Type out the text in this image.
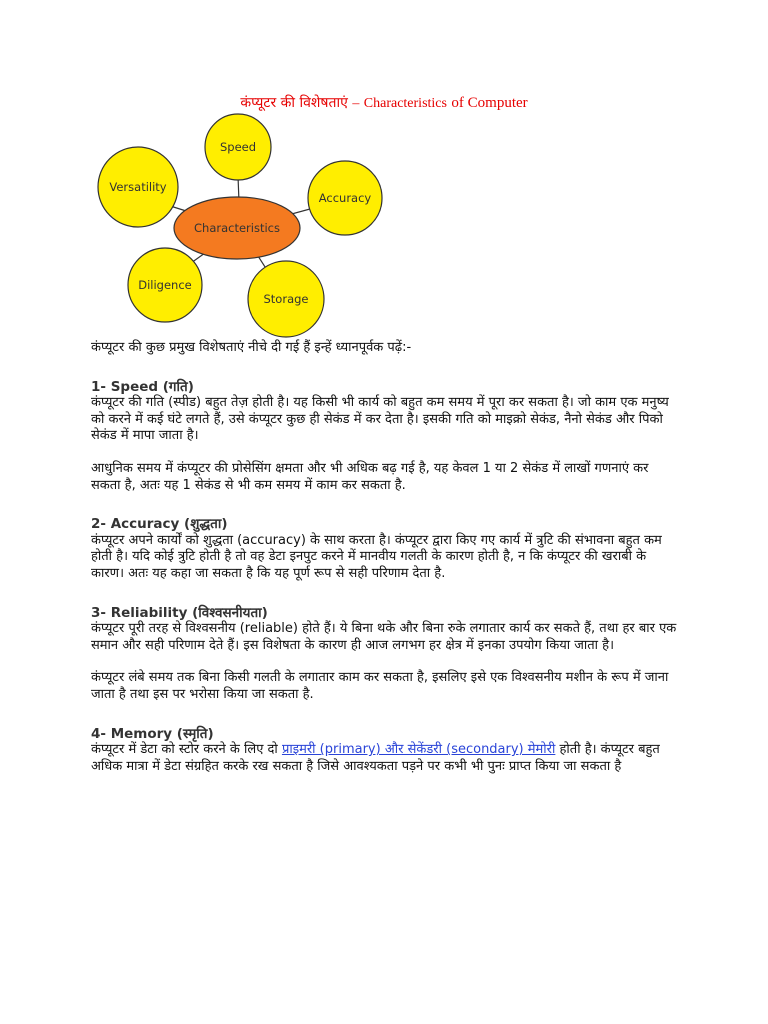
कंप्यूटर की विशेषताएं – Characteristics of Computer
Characteristics
Speed
Versatility
Accuracy
Diligence
Storage

कंप्यूटर की कुछ प्रमुख विशेषताएं नीचे दी गई हैं इन्हें ध्यानपूर्वक पढ़ें:-

1- Speed (गति)

कंप्यूटर की गति (स्पीड) बहुत तेज़ होती है। यह किसी भी कार्य को बहुत कम समय में पूरा कर सकता है। जो काम एक मनुष्य को करने में कई घंटे लगते हैं, उसे कंप्यूटर कुछ ही सेकंड में कर देता है। इसकी गति को माइक्रो सेकंड, नैनो सेकंड और पिको सेकंड में मापा जाता है।

आधुनिक समय में कंप्यूटर की प्रोसेसिंग क्षमता और भी अधिक बढ़ गई है, यह केवल 1 या 2 सेकंड में लाखों गणनाएं कर सकता है, अतः यह 1 सेकंड से भी कम समय में काम कर सकता है.

2- Accuracy (शुद्धता)

कंप्यूटर अपने कार्यों को शुद्धता (accuracy) के साथ करता है। कंप्यूटर द्वारा किए गए कार्य में त्रुटि की संभावना बहुत कम होती है। यदि कोई त्रुटि होती है तो वह डेटा इनपुट करने में मानवीय गलती के कारण होती है, न कि कंप्यूटर की खराबी के कारण। अतः यह कहा जा सकता है कि यह पूर्ण रूप से सही परिणाम देता है.

3- Reliability (विश्वसनीयता)

कंप्यूटर पूरी तरह से विश्वसनीय (reliable) होते हैं। ये बिना थके और बिना रुके लगातार कार्य कर सकते हैं, तथा हर बार एक समान और सही परिणाम देते हैं। इस विशेषता के कारण ही आज लगभग हर क्षेत्र में इनका उपयोग किया जाता है।

कंप्यूटर लंबे समय तक बिना किसी गलती के लगातार काम कर सकता है, इसलिए इसे एक विश्वसनीय मशीन के रूप में जाना जाता है तथा इस पर भरोसा किया जा सकता है.

4- Memory (स्मृति)

कंप्यूटर में डेटा को स्टोर करने के लिए दो प्राइमरी (primary) और सेकेंडरी (secondary) मेमोरी होती है। कंप्यूटर बहुत अधिक मात्रा में डेटा संग्रहित करके रख सकता है जिसे आवश्यकता पड़ने पर कभी भी पुनः प्राप्त किया जा सकता है
